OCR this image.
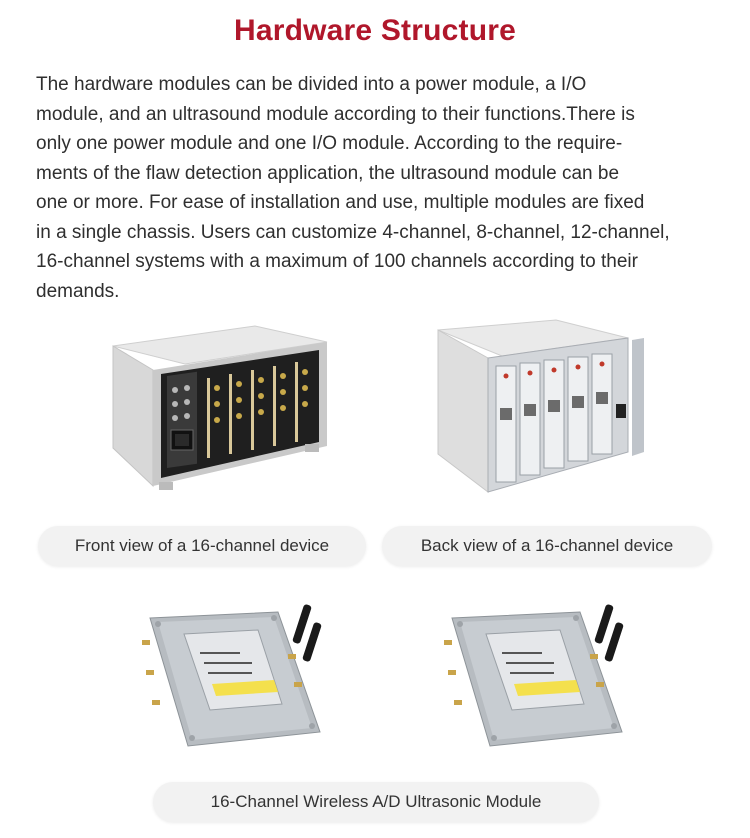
Hardware Structure
The hardware modules can be divided into a power module, a I/O
module, and an ultrasound module according to their functions.There is
only one power module and one I/O module. According to the require-
ments of the flaw detection application, the ultrasound module can be
one or more. For ease of installation and use, multiple modules are fixed
in a single chassis. Users can customize 4-channel, 8-channel, 12-channel,
16-channel systems with a maximum of 100 channels according to their
demands.
Front view of a 16-channel device	Back view of a 16-channel device
16-Channel Wireless A/D Ultrasonic Module
